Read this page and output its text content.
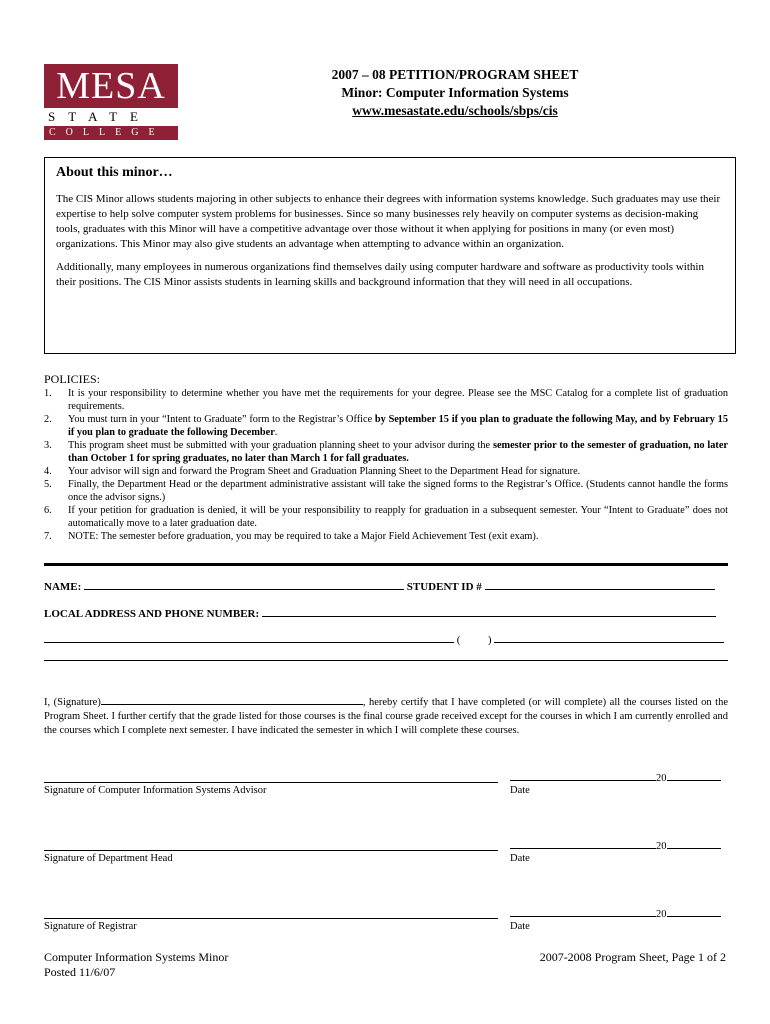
MESA
STATE
COLLEGE
2007 – 08 PETITION/PROGRAM SHEET
Minor: Computer Information Systems
www.mesastate.edu/schools/sbps/cis
About this minor…

The CIS Minor allows students majoring in other subjects to enhance their degrees with information systems knowledge. Such graduates may use their expertise to help solve computer system problems for businesses. Since so many businesses rely heavily on computer systems as decision-making tools, graduates with this Minor will have a competitive advantage over those without it when applying for positions in many (or even most) organizations. This Minor may also give students an advantage when attempting to advance within an organization.

Additionally, many employees in numerous organizations find themselves daily using computer hardware and software as productivity tools within their positions. The CIS Minor assists students in learning skills and background information that they will need in all occupations.

POLICIES:
1. It is your responsibility to determine whether you have met the requirements for your degree. Please see the MSC Catalog for a complete list of graduation requirements.
2. You must turn in your “Intent to Graduate” form to the Registrar’s Office by September 15 if you plan to graduate the following May, and by February 15 if you plan to graduate the following December.
3. This program sheet must be submitted with your graduation planning sheet to your advisor during the semester prior to the semester of graduation, no later than October 1 for spring graduates, no later than March 1 for fall graduates.
4. Your advisor will sign and forward the Program Sheet and Graduation Planning Sheet to the Department Head for signature.
5. Finally, the Department Head or the department administrative assistant will take the signed forms to the Registrar’s Office. (Students cannot handle the forms once the advisor signs.)
6. If your petition for graduation is denied, it will be your responsibility to reapply for graduation in a subsequent semester. Your “Intent to Graduate” does not automatically move to a later graduation date.
7. NOTE: The semester before graduation, you may be required to take a Major Field Achievement Test (exit exam).
NAME:	STUDENT ID #
LOCAL ADDRESS AND PHONE NUMBER:
(	)
I, (Signature)	, hereby certify that I have completed (or will complete) all the courses listed on the Program Sheet. I further certify that the grade listed for those courses is the final course grade received except for the courses in which I am currently enrolled and the courses which I complete next semester. I have indicated the semester in which I will complete these courses.
Signature of Computer Information Systems Advisor
20
Date
Signature of Department Head
20
Date
Signature of Registrar
20
Date
Computer Information Systems Minor
Posted 11/6/07
2007-2008 Program Sheet, Page 1 of 2
